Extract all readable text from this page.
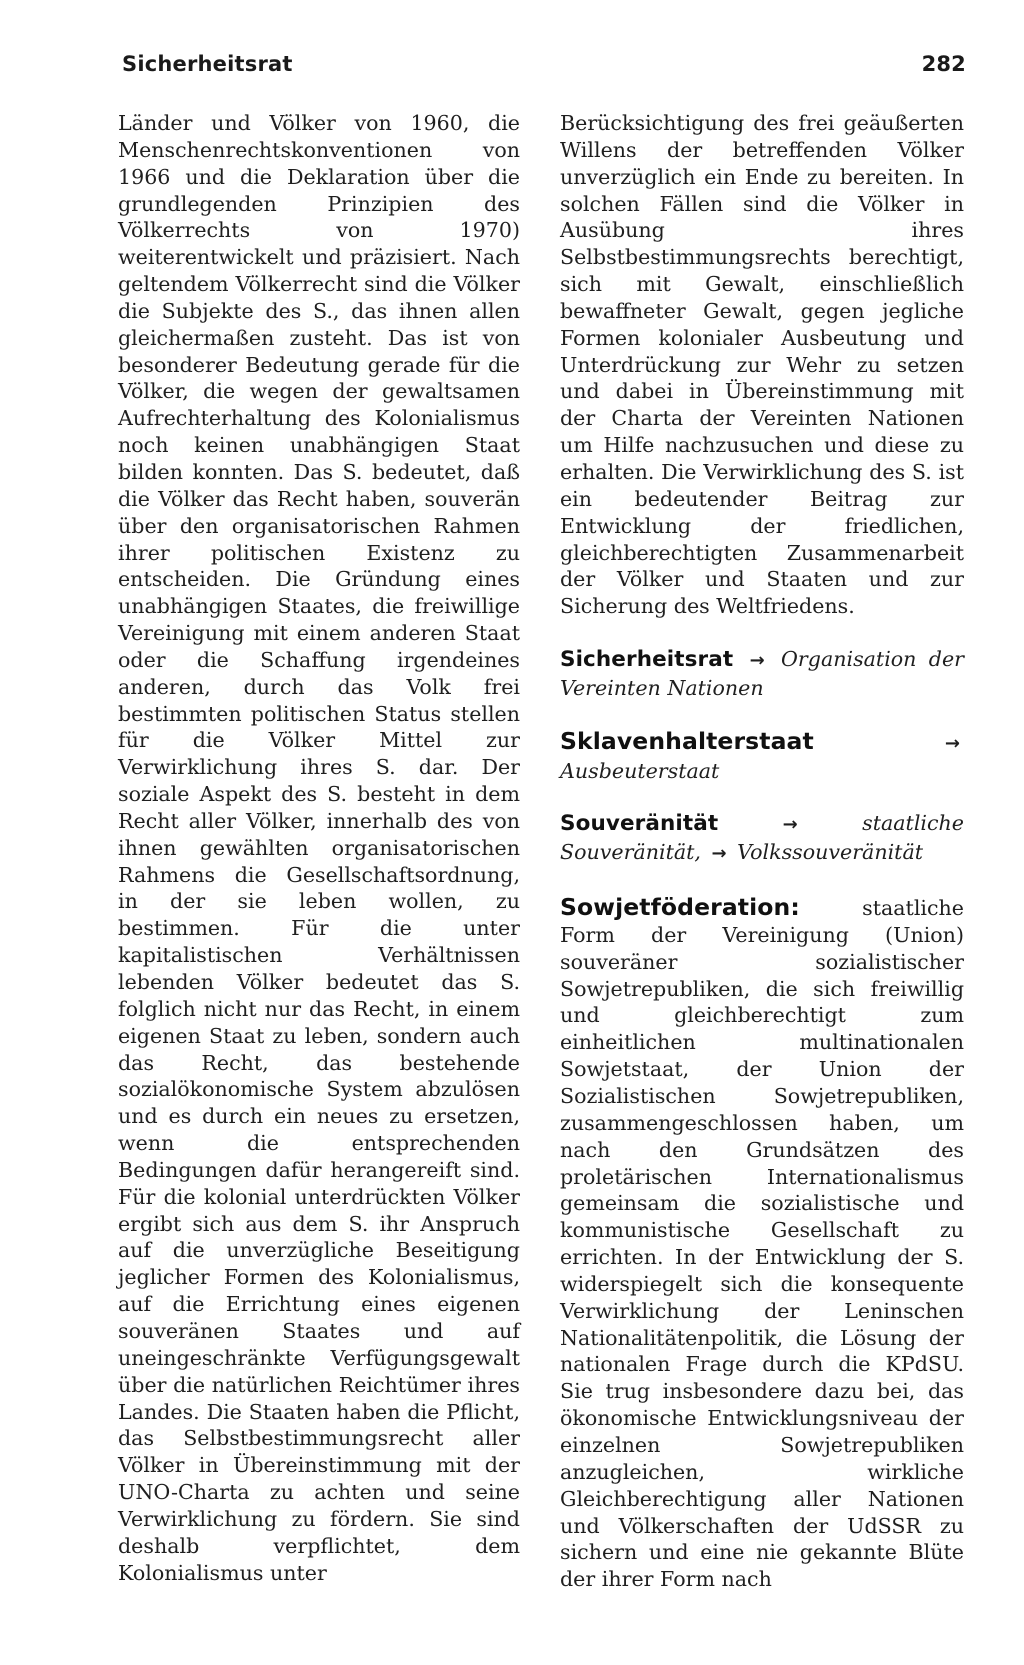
Sicherheitsrat	282

Länder und Völker von 1960, die Menschenrechtskonventionen von 1966 und die Deklaration über die grundlegenden Prinzipien des Völkerrechts von 1970) weiterentwickelt und präzisiert. Nach geltendem Völkerrecht sind die Völker die Subjekte des S., das ihnen allen gleichermaßen zusteht. Das ist von besonderer Bedeutung gerade für die Völker, die wegen der gewaltsamen Aufrechterhaltung des Kolonialismus noch keinen unabhängigen Staat bilden konnten. Das S. bedeutet, daß die Völker das Recht haben, souverän über den organisatorischen Rahmen ihrer politischen Existenz zu entscheiden. Die Gründung eines unabhängigen Staates, die freiwillige Vereinigung mit einem anderen Staat oder die Schaffung irgendeines anderen, durch das Volk frei bestimmten politischen Status stellen für die Völker Mittel zur Verwirklichung ihres S. dar. Der soziale Aspekt des S. besteht in dem Recht aller Völker, innerhalb des von ihnen gewählten organisatorischen Rahmens die Gesellschaftsordnung, in der sie leben wollen, zu bestimmen. Für die unter kapitalistischen Verhältnissen lebenden Völker bedeutet das S. folglich nicht nur das Recht, in einem eigenen Staat zu leben, sondern auch das Recht, das bestehende sozialökonomische System abzulösen und es durch ein neues zu ersetzen, wenn die entsprechenden Bedingungen dafür herangereift sind. Für die kolonial unterdrückten Völker ergibt sich aus dem S. ihr Anspruch auf die unverzügliche Beseitigung jeglicher Formen des Kolonialismus, auf die Errichtung eines eigenen souveränen Staates und auf uneingeschränkte Verfügungsgewalt über die natürlichen Reichtümer ihres Landes. Die Staaten haben die Pflicht, das Selbstbestimmungsrecht aller Völker in Übereinstimmung mit der UNO-Charta zu achten und seine Verwirklichung zu fördern. Sie sind deshalb verpflichtet, dem Kolonialismus unter

Berücksichtigung des frei geäußerten Willens der betreffenden Völker unverzüglich ein Ende zu bereiten. In solchen Fällen sind die Völker in Ausübung ihres Selbstbestimmungsrechts berechtigt, sich mit Gewalt, einschließlich bewaffneter Gewalt, gegen jegliche Formen kolonialer Ausbeutung und Unterdrückung zur Wehr zu setzen und dabei in Übereinstimmung mit der Charta der Vereinten Nationen um Hilfe nachzusuchen und diese zu erhalten. Die Verwirklichung des S. ist ein bedeutender Beitrag zur Entwicklung der friedlichen, gleichberechtigten Zusammenarbeit der Völker und Staaten und zur Sicherung des Weltfriedens.

Sicherheitsrat → Organisation der Vereinten Nationen

Sklavenhalterstaat	→ Ausbeuterstaat

Souveränität	→	staatliche Souveränität, → Volkssouveränität

Sowjetföderation:	staatliche Form der Vereinigung (Union) souveräner sozialistischer Sowjetrepubliken, die sich freiwillig und gleichberechtigt zum einheitlichen multinationalen Sowjetstaat, der Union der Sozialistischen Sowjetrepubliken, zusammengeschlossen haben, um nach den Grundsätzen des proletärischen Internationalismus gemeinsam die sozialistische und kommunistische Gesellschaft zu errichten. In der Entwicklung der S. widerspiegelt sich die konsequente Verwirklichung der Leninschen Nationalitätenpolitik, die Lösung der nationalen Frage durch die KPdSU. Sie trug insbesondere dazu bei, das ökonomische Entwicklungsniveau der einzelnen Sowjetrepubliken anzugleichen, wirkliche Gleichberechtigung aller Nationen und Völkerschaften der UdSSR zu sichern und eine nie gekannte Blüte der ihrer Form nach
